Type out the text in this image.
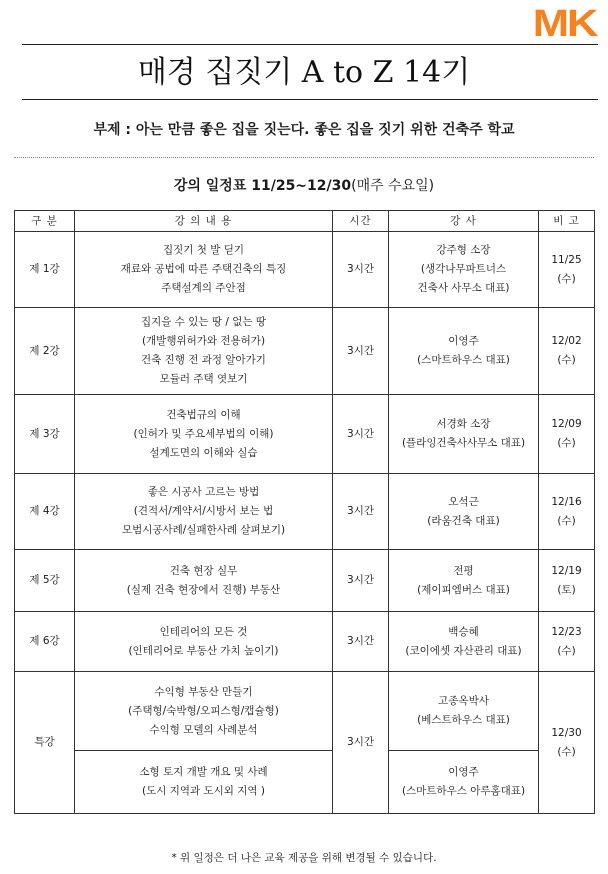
MK
매경 집짓기 A to Z 14기
부제 : 아는 만큼 좋은 집을 짓는다. 좋은 집을 짓기 위한 건축주 학교
강의 일정표 11/25~12/30(매주 수요일)
구 분	강 의 내 용	시간	강 사	비 고
제 1강	집짓기 첫 발 딛기
재료와 공법에 따른 주택건축의 특징
주택설계의 주안점	3시간	강주형 소장
(생각나무파트너스
건축사 사무소 대표)	11/25
(수)

제 2강	집지을 수 있는 땅 / 없는 땅
(개발행위허가와 전용허가)
건축 진행 전 과정 알아가기
모듈러 주택 엿보기	3시간	이영주
(스마트하우스 대표)	12/02
(수)

제 3강	건축법규의 이해
(인허가 및 주요세부법의 이해)
설계도면의 이해와 실습	3시간	서경화 소장
(플라잉건축사사무소 대표)	12/09
(수)

제 4강	좋은 시공사 고르는 방법
(견적서/계약서/시방서 보는 법
모범시공사례/실패한사례 살펴보기)	3시간	오석근
(라움건축 대표)	12/16
(수)

제 5강	건축 현장 실무
(실제 건축 현장에서 진행) 부동산	3시간	전평
(제이피엠버스 대표)	12/19
(토)

제 6강	인테리어의 모든 것
(인테리어로 부동산 가치 높이기)	3시간	백승혜
(코이에셋 자산관리 대표)	12/23
(수)

특강	수익형 부동산 만들기
(주택형/숙박형/오피스형/캡슐형)
수익형 모델의 사례분석	3시간	고종옥박사
(베스트하우스 대표)	12/30
(수)

	소형 토지 개발 개요 및 사례
(도시 지역과 도시외 지역 )		이영주
(스마트하우스 아루홈대표)	
* 위 일정은 더 나은 교육 제공을 위해 변경될 수 있습니다.
